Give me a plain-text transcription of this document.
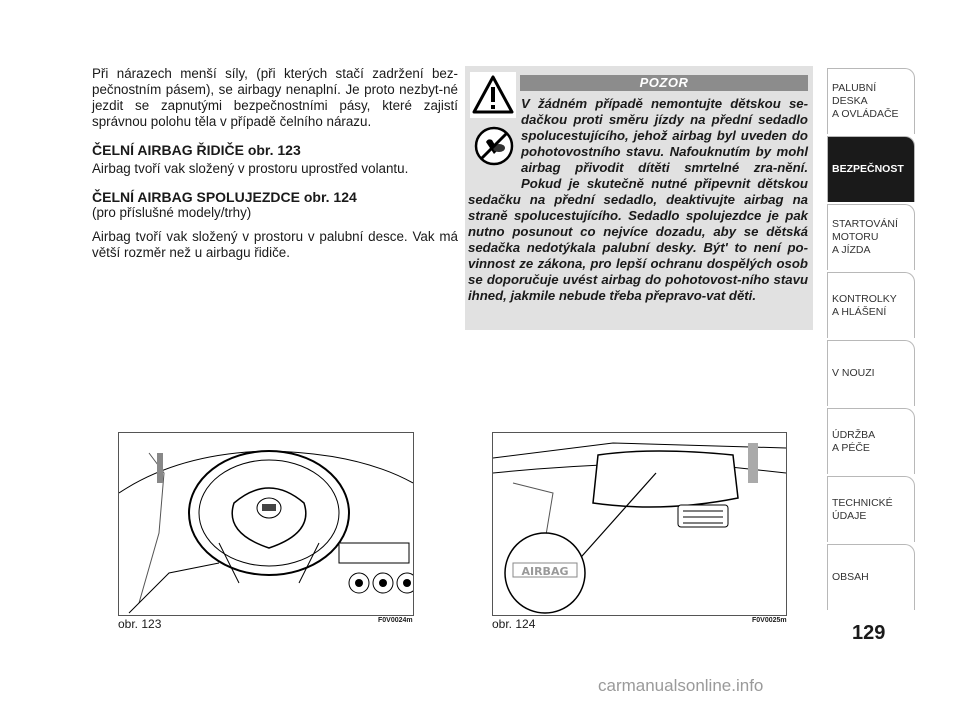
Při nárazech menší síly, (při kterých stačí zadržení bez-pečnostním pásem), se airbagy nenaplní. Je proto nezbyt-né jezdit se zapnutými bezpečnostními pásy, které zajistí správnou polohu těla v případě čelního nárazu.

ČELNÍ AIRBAG ŘIDIČE obr. 123

Airbag tvoří vak složený v prostoru uprostřed volantu.

ČELNÍ AIRBAG SPOLUJEZDCE obr. 124

(pro příslušné modely/trhy)

Airbag tvoří vak složený v prostoru v palubní desce. Vak má větší rozměr než u airbagu řidiče.

POZOR
V žádném případě nemontujte dětskou se-dačkou proti směru jízdy na přední sedadlo spolucestujícího, jehož airbag byl uveden do pohotovostního stavu. Nafouknutím by mohl airbag přivodit dítěti smrtelné zra-nění. Pokud je skutečně nutné připevnit dětskou sedačku na přední sedadlo, deaktivujte airbag na straně spolucestujícího. Sedadlo spolujezdce je pak nutno posunout co nejvíce dozadu, aby se dětská sedačka nedotýkala palubní desky. Být' to není po-vinnost ze zákona, pro lepší ochranu dospělých osob se doporučuje uvést airbag do pohotovost-ního stavu ihned, jakmile nebude třeba přepravo-vat děti.
PALUBNÍ DESKA
A OVLÁDAČE
BEZPEČNOST
STARTOVÁNÍ
MOTORU
A JÍZDA
KONTROLKY
A HLÁŠENÍ
V NOUZI
ÚDRŽBA
A PÉČE
TECHNICKÉ
ÚDAJE
OBSAH
129
obr. 123	F0V0024m
AIRBAG
obr. 124	F0V0025m
carmanualsonline.info
